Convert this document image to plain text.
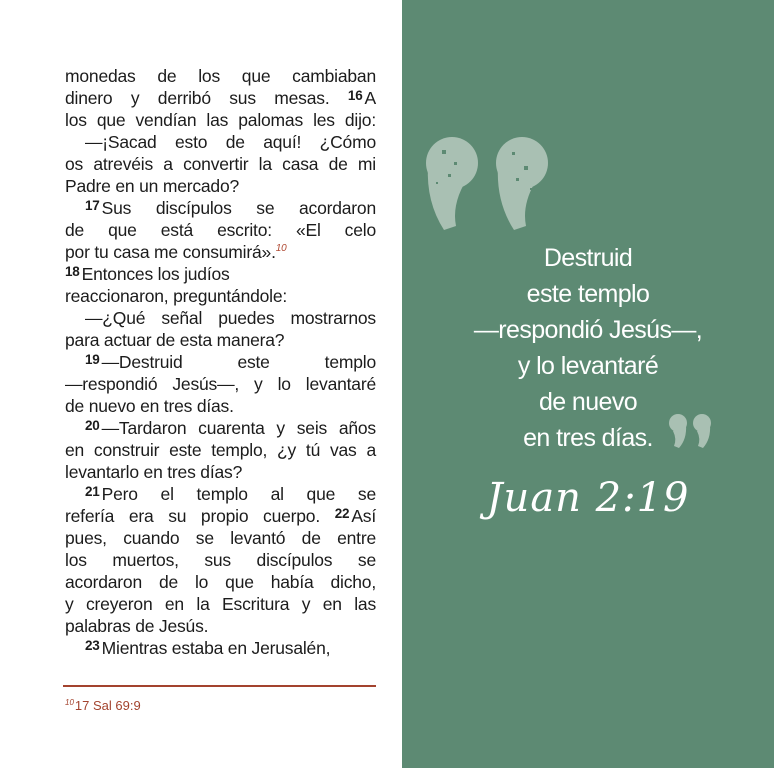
monedas de los que cambiaban
dinero y derribó sus mesas. $^{16}$ A
los que vendían las palomas les dijo:
—¡Sacad esto de aquí! ¿Cómo
os atrevéis a convertir la casa de mi
Padre en un mercado?
$^{17}$ Sus discípulos se acordaron
de que está escrito: «El celo
por tu casa me consumirá».$^{10}$
$^{18}$ Entonces los judíos
reaccionaron, preguntándole:
—¿Qué señal puedes mostrarnos
para actuar de esta manera?
$^{19}$ —Destruid este templo
—respondió Jesús—, y lo levantaré
de nuevo en tres días.
$^{20}$ —Tardaron cuarenta y seis años
en construir este templo, ¿y tú vas a
levantarlo en tres días?
$^{21}$ Pero el templo al que se
refería era su propio cuerpo. $^{22}$ Así
pues, cuando se levantó de entre
los muertos, sus discípulos se
acordaron de lo que había dicho,
y creyeron en la Escritura y en las
palabras de Jesús.
$^{23}$ Mientras estaba en Jerusalén,
$^{10}$17 Sal 69:9
Destruid
este templo
—respondió Jesús—,
y lo levantaré
de nuevo
en tres días.
Juan 2:19
